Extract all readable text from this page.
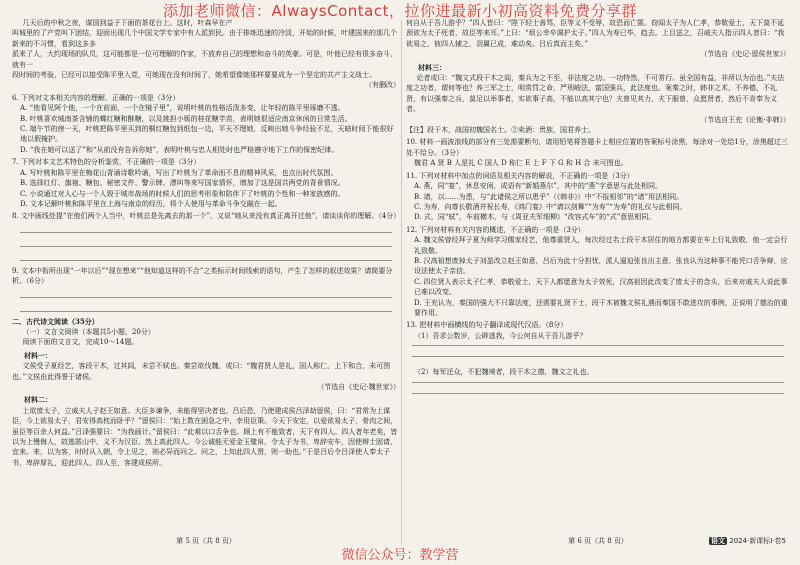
添加老师微信：AlwaysContact，拉你进最新小初高资料免费分享群

几天后的中秋之夜，谋国到益子下面的茶花台上。这时，叶森早在产

叫城里的了产党叫下团结，迎面出现几个中国文学专家中有人派到民。由于排练迅速的冷淡，开始的时候，叶建国来的那几个新来的不习惯，看到这多多

派来了人，大约现场的队员，这可能都是一位可理解的作家，不放弃自己的理想和奋斗的英豪。可是，叶他已经有很多奋斗，就有一

段时间的考验，已经可以接受陈平里入党，可她现在没有时间了，她希望像她那样要要成为一个坚定的共产主义战士。

（有删改）

6. 下列对文本相关内容的理解，正确的一项是（3分）

A. “他看见阿个他，一个在前面，一个在镜子里”，说明叶桃的性格活泼多变，让年轻的陈平里琢磨不透。

B. 叶桃喜欢城南茶含铺的蝶红糖和酥糖，以及挑担小贩的桂花糖芋苗，表明她很适应南京休闲的日常生活。

C. 端午节的傍一天，叶桃把陈平里买到的桐红糖包到纸包一边，平天不理她，反映出她斗争经验不足，天暗时间下能很好地以假掩护。

D. “我在她可以送了”和“从前没有告诉你她”，表明叶桃与忠人相处时也严格遵守地下工作的保密纪律。

7. 下列对本文艺术特色的分析鉴赏，不正确的一项是（3分）

A. 写叶桃和陈平里在梅花山背诵诗歌吟诵，写出了叶桃为了革命而不息的精神风采，也点出时代氛围。

B. 选择红灯、旗袍、糖包、秘密文件、警示牌、漂叫等来写国家情怀，增加了这是国共两党的背景情况。

C. 小说通过对人心与一个人毁于城市战场的时候人们的思考形象和陪伴下了叶桃的个性和一种家族感的。

D. 文本记解叶桃和陈平里在上海与南京的经历，将个人使用与革命斗争交融在一起。

8. 文中画线处提“在他们两个人当中，叶桃总是先离去的那一个”，又说“她从来没有真正离开过他”，请谈谈你的理解。（4分）

9. 文本中衔所出现“一年以后”“现在想来”“他知道这样的不合”之类标示时间线索的语句，产生了怎样的叙述效果？请简要分析。（6分）

二、古代诗文阅读（35分）

（一）文言文阅读（本题共5小题，20分）

阅读下面的文言文，完成10～14题。

材料一：

文侯受子夏经艺，客段干木，过其闾，未尝不轼也。秦尝欲伐魏，或曰：“魏君贤人是礼，国人称仁，上下和合，未可图也。”文侯由此得誉于诸侯。

（节选自《史记·魏世家》）

材料二：

上欲废太子，立戚夫人子赵王如意。大臣多谏争，未能得坚决者也。吕后恐，乃使建成侯吕泽劫留侯，曰：“君常为上谋臣，今上欲易太子，君安得高枕而卧乎？”留侯曰：“始上数在困急之中，幸用臣策。今天下安定，以爱欲易太子，骨肉之间，虽臣等百余人何益。”吕泽强要曰：“为我画计。”留侯曰：“此难以口舌争也。顾上有不能致者，天下有四人。四人者年老矣，皆以为上慢侮人，故逃匿山中，义不为汉臣。然上高此四人。今公诚能无爱金玉璧帛，令太子为书，卑辞安车，因使辩士固请，宜来。来，以为客，时时从入朝，令上见之，则必异而问之。问之，上知此四人贤，则一助也。”于是吕后令吕泽使人奉太子书，卑辞厚礼，迎此四人。四人至，客建成侯所。

第 5 页（共 8 页）

何自从于吾儿游乎？”四人皆曰：“陛下轻士善骂，臣等义不受辱，故恐而亡匿。窃闻太子为人仁孝，恭敬爱士，天下莫不延颈欲为太子死者，故臣等来耳。”上曰：“烦公幸卒调护太子。”四人为寿已毕，趋去。上目送之，召戚夫人指示四人者曰：“我欲易之，彼四人辅之，羽翼已成，难动矣。吕后真而主矣。”

（节选自《史记·留侯世家》）

材料三：

论者或曰：“魏文式段干木之闾，秦兵为之不至，非法度之功。一功特然，不可常行。虽全国有益，非所以为治也。”夫法度之功者，谓何等也？养三军之士，明赏罚之命，严刑峻法，富国强兵，此法度也。案秦之时，韩非之术，不养德，不礼贤，有以强秦之兵，莫足以举事者，实欲事子高，不能以高其宁也？夫曾见其力，夫下服曾，众愿贤者，然后不肯奉为义者。

（节选自王充《论衡·非韩》）

【注】段干木，战国初魏国名士。②卖酒：贵族，国君养士。

10. 材料一画波浪线的部分有三处需要断句，请用铅笔将答题卡上相应位置的答案标号涂黑，每涂对一处给1分，涂黑超过三处不给分。（3分）

魏君 A 贤 B 人是礼 C 国人 D 称仁 E 上 F 下 G 和 H 合 未可图也。

11. 下列对材料中加点的词语及相关内容的解说，不正确的一项是（3分）

A. 燕，同“宴”，休息安闲，成语有“新婚燕尔”，其中的“燕”字意思与此处相同。

B. 诸，以……为患，与“此诸侯之所以患乎”（《韩非》）中“不报相邻”的“诸”用法相同。

C. 为寿，向尊长敬酒并祝长寿，《鸿门宴》中“请以剑舞”“为寿”“为寿”的礼仪与此相同。

D. 式，同“轼”，车前横木，与《周亚夫军细柳》“改容式车”的“式”意思相同。

12. 下列对材料有关内容的概述，不正确的一项是（3分）

A. 魏文侯曾经拜子夏为师学习儒家经艺，他尊重贤人，每次经过名士段干木居住的地方都要在车上行礼致敬，他一定会行礼致敬。

B. 汉高祖想废掉太子刘盈改立赵王如意，吕后为此十分担忧，派人逼迫张良出主意，张良认为这种事不能凭口舌争辩，应设法使太子亲信。

C. 四位贤人表示太子仁孝，恭敬爱士，天下人都愿意为太子效死，汉高祖因此改变了废太子的念头，后来对戚夫人说此事已难以改变。

D. 王充认为，秦国的强大不只靠法度，还需要礼贤下士，段干木被魏文侯礼遇而秦国不敢进攻的事例，正说明了德治的重要作用。

13. 把材料中画横线的句子翻译成现代汉语。（8分）

（1）吾求公数岁，公辟逃我，今公何自从于吾儿游乎？

（2）每军还众，不犯魏境者，段干木之德，魏文之礼也。

第 6 页（共 8 页）	语文 2024·新课标Ⅰ·卷5
微信公众号：教学营
